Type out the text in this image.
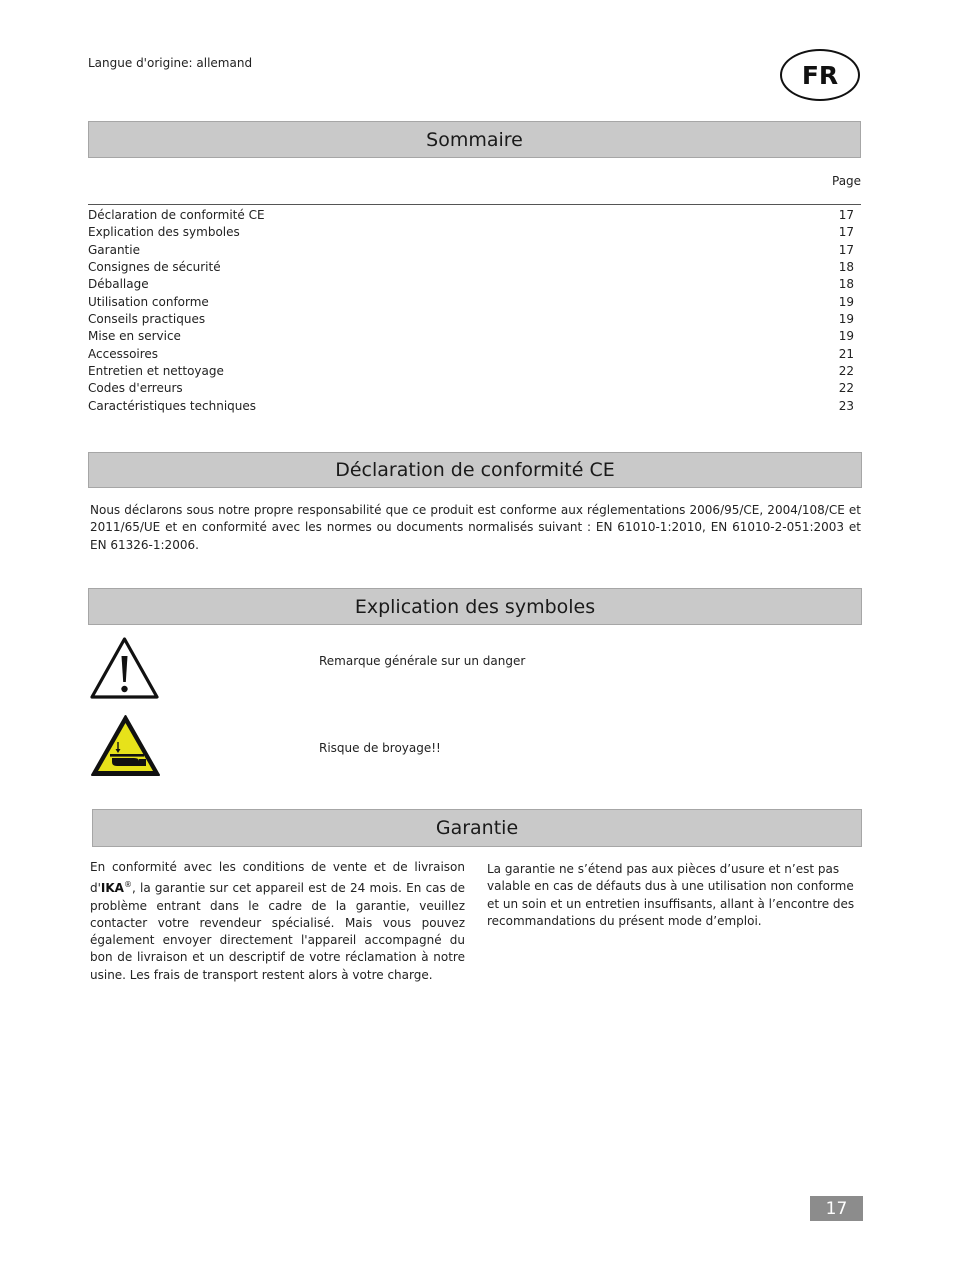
Langue d'origine: allemand	FR
Sommaire
Page
Déclaration de conformité CE	17
Explication des symboles	17
Garantie	17
Consignes de sécurité	18
Déballage	18
Utilisation conforme	19
Conseils practiques	19
Mise en service	19
Accessoires	21
Entretien et nettoyage	22
Codes d'erreurs	22
Caractéristiques techniques	23
Déclaration de conformité CE

Nous déclarons sous notre propre responsabilité que ce produit est conforme aux réglementations 2006/95/CE, 2004/108/CE et 2011/65/UE et en conformité avec les normes ou documents normalisés suivant : EN 61010-1:2010, EN 61010-2-051:2003 et EN 61326-1:2006.

Explication des symboles
Remarque générale sur un danger
Risque de broyage!!
Garantie

En conformité avec les conditions de vente et de livraison d'IKA®, la garantie sur cet appareil est de 24 mois. En cas de problème entrant dans le cadre de la garantie, veuillez contacter votre revendeur spécialisé. Mais vous pouvez également envoyer directement l'appareil accompagné du bon de livraison et un descriptif de votre réclamation à notre usine. Les frais de transport restent alors à votre charge.

La garantie ne s’étend pas aux pièces d’usure et n’est pas valable en cas de défauts dus à une utilisation non conforme et un soin et un entretien insuffisants, allant à l’encontre des recommandations du présent mode d’emploi.

17
